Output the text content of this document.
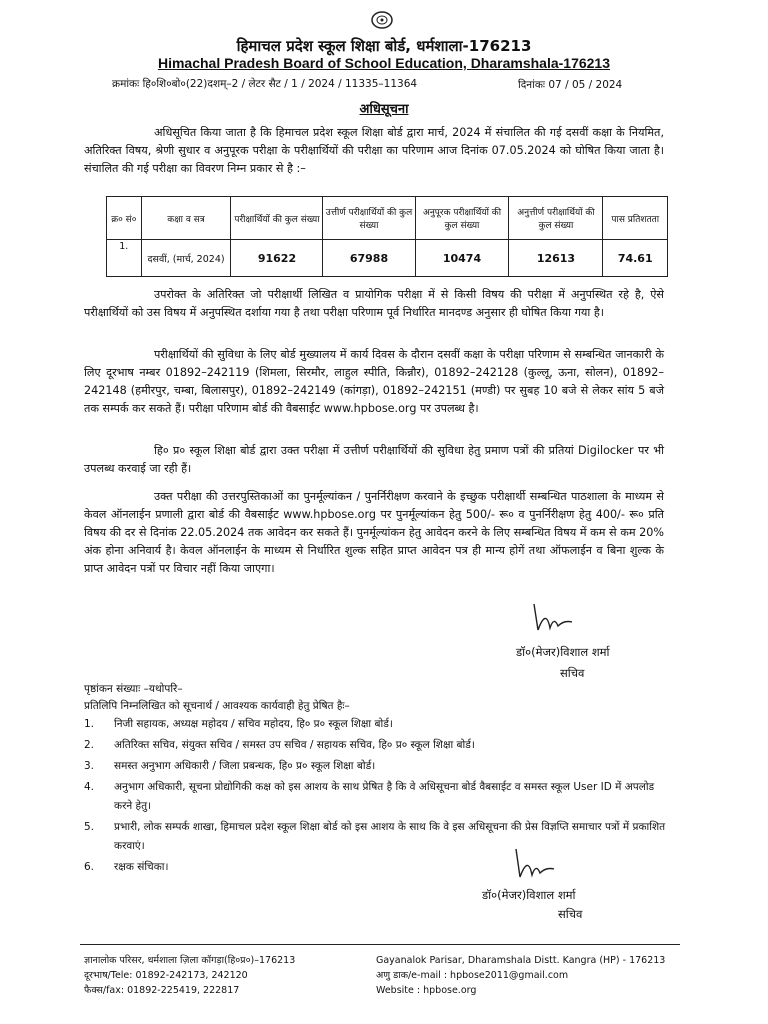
हिमाचल प्रदेश स्कूल शिक्षा बोर्ड, धर्मशाला-176213
Himachal Pradesh Board of School Education, Dharamshala-176213
क्रमांकः हि०शि०बो०(22)दशम्–2 / लेटर सैट / 1 / 2024 / 11335–11364	दिनांकः 07 / 05 / 2024
अधिसूचना
अधिसूचित किया जाता है कि हिमाचल प्रदेश स्कूल शिक्षा बोर्ड द्वारा मार्च, 2024 में संचालित की गई दसवीं कक्षा के नियमित, अतिरिक्त विषय, श्रेणी सुधार व अनुपूरक परीक्षा के परीक्षार्थियों की परीक्षा का परिणाम आज दिनांक 07.05.2024 को घोषित किया जाता है। संचालित की गई परीक्षा का विवरण निम्न प्रकार से है :–
क्र० सं०	कक्षा व सत्र	परीक्षार्थियों की कुल संख्या	उत्तीर्ण परीक्षार्थियों की कुल संख्या	अनुपूरक परीक्षार्थियों की कुल संख्या	अनुत्तीर्ण परीक्षार्थियों की कुल संख्या	पास प्रतिशतता
1.	दसवीं, (मार्च, 2024)	91622	67988	10474	12613	74.61
उपरोक्त के अतिरिक्त जो परीक्षार्थी लिखित व प्रायोगिक परीक्षा में से किसी विषय की परीक्षा में अनुपस्थित रहे है, ऐसे परीक्षार्थियों को उस विषय में अनुपस्थित दर्शाया गया है तथा परीक्षा परिणाम पूर्व निर्धारित मानदण्ड अनुसार ही घोषित किया गया है।
परीक्षार्थियों की सुविधा के लिए बोर्ड मुख्यालय में कार्य दिवस के दौरान दसवीं कक्षा के परीक्षा परिणाम से सम्बन्धित जानकारी के लिए दूरभाष नम्बर 01892–242119 (शिमला, सिरमौर, लाहुल स्पीति, किन्नौर), 01892–242128 (कुल्लू, ऊना, सोलन), 01892–242148 (हमीरपुर, चम्बा, बिलासपुर), 01892–242149 (कांगड़ा), 01892–242151 (मण्डी) पर सुबह 10 बजे से लेकर सांय 5 बजे तक सम्पर्क कर सकते हैं। परीक्षा परिणाम बोर्ड की वैबसाईट www.hpbose.org पर उपलब्ध है।
हि० प्र० स्कूल शिक्षा बोर्ड द्वारा उक्त परीक्षा में उत्तीर्ण परीक्षार्थियों की सुविधा हेतु प्रमाण पत्रों की प्रतियां Digilocker पर भी उपलब्ध करवाई जा रही हैं।
उक्त परीक्षा की उत्तरपुस्तिकाओं का पुनर्मूल्यांकन / पुनर्निरीक्षण करवाने के इच्छुक परीक्षार्थी सम्बन्धित पाठशाला के माध्यम से केवल ऑनलाईन प्रणाली द्वारा बोर्ड की वैबसाईट www.hpbose.org पर पुनर्मूल्यांकन हेतु 500/- रू० व पुनर्निरीक्षण हेतु 400/- रू० प्रति विषय की दर से दिनांक 22.05.2024 तक आवेदन कर सकते हैं। पुनर्मूल्यांकन हेतु आवेदन करने के लिए सम्बन्धित विषय में कम से कम 20% अंक होना अनिवार्य है। केवल ऑनलाईन के माध्यम से निर्धारित शुल्क सहित प्राप्त आवेदन पत्र ही मान्य होगें तथा ऑफलाईन व बिना शुल्क के प्राप्त आवेदन पत्रों पर विचार नहीं किया जाएगा।
डॉ०(मेजर)विशाल शर्मा
सचिव
पृष्ठांकन संख्याः –यथोपरि–
प्रतिलिपि निम्नलिखित को सूचनार्थ / आवश्यक कार्यवाही हेतु प्रेषित हैः–
1.	निजी सहायक, अध्यक्ष महोदय / सचिव महोदय, हि० प्र० स्कूल शिक्षा बोर्ड।
2.	अतिरिक्त सचिव, संयुक्त सचिव / समस्त उप सचिव / सहायक सचिव, हि० प्र० स्कूल शिक्षा बोर्ड।
3.	समस्त अनुभाग अधिकारी / जिला प्रबन्धक, हि० प्र० स्कूल शिक्षा बोर्ड।
4.	अनुभाग अधिकारी, सूचना प्रोद्योगिकी कक्ष को इस आशय के साथ प्रेषित है कि वे अधिसूचना बोर्ड वैबसाईट व समस्त स्कूल User ID में अपलोड करने हेतु।
5.	प्रभारी, लोक सम्पर्क शाखा, हिमाचल प्रदेश स्कूल शिक्षा बोर्ड को इस आशय के साथ कि वे इस अधिसूचना की प्रेस विज्ञप्ति समाचार पत्रों में प्रकाशित करवाएं।
6.	रक्षक संचिका।
डॉ०(मेजर)विशाल शर्मा
सचिव
ज्ञानालोक परिसर, धर्मशाला ज़िला कॉगड़ा(हि०प्र०)–176213
दूरभाष/Tele: 01892-242173, 242120
फैक्स/fax: 01892-225419, 222817
Gayanalok Parisar, Dharamshala Distt. Kangra (HP) - 176213
अणु डाक/e-mail : hpbose2011@gmail.com
Website : hpbose.org
